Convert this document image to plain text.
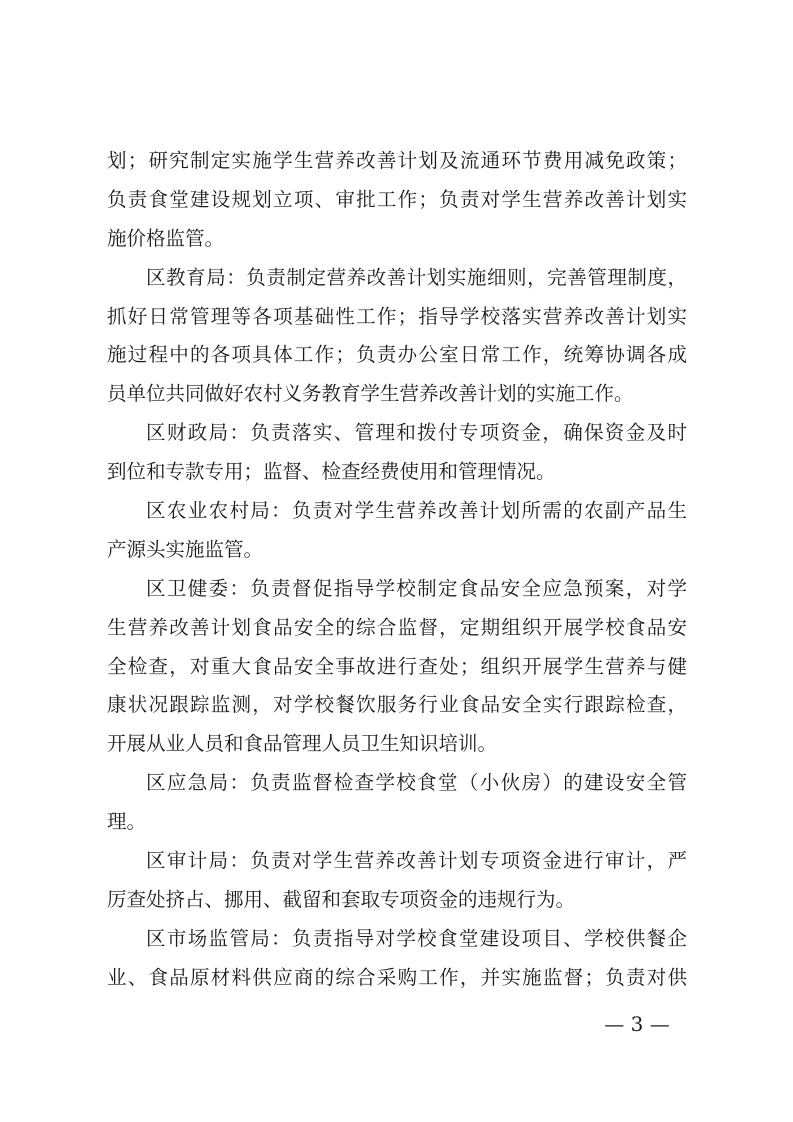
划；研究制定实施学生营养改善计划及流通环节费用减免政策；
负责食堂建设规划立项、审批工作；负责对学生营养改善计划实
施价格监管。
区教育局：负责制定营养改善计划实施细则，完善管理制度，
抓好日常管理等各项基础性工作；指导学校落实营养改善计划实
施过程中的各项具体工作；负责办公室日常工作，统筹协调各成
员单位共同做好农村义务教育学生营养改善计划的实施工作。
区财政局：负责落实、管理和拨付专项资金，确保资金及时
到位和专款专用；监督、检查经费使用和管理情况。
区农业农村局：负责对学生营养改善计划所需的农副产品生
产源头实施监管。
区卫健委：负责督促指导学校制定食品安全应急预案，对学
生营养改善计划食品安全的综合监督，定期组织开展学校食品安
全检查，对重大食品安全事故进行查处；组织开展学生营养与健
康状况跟踪监测，对学校餐饮服务行业食品安全实行跟踪检查，
开展从业人员和食品管理人员卫生知识培训。
区应急局：负责监督检查学校食堂（小伙房）的建设安全管
理。
区审计局：负责对学生营养改善计划专项资金进行审计，严
厉查处挤占、挪用、截留和套取专项资金的违规行为。
区市场监管局：负责指导对学校食堂建设项目、学校供餐企
业、食品原材料供应商的综合采购工作，并实施监督；负责对供
— 3 —
